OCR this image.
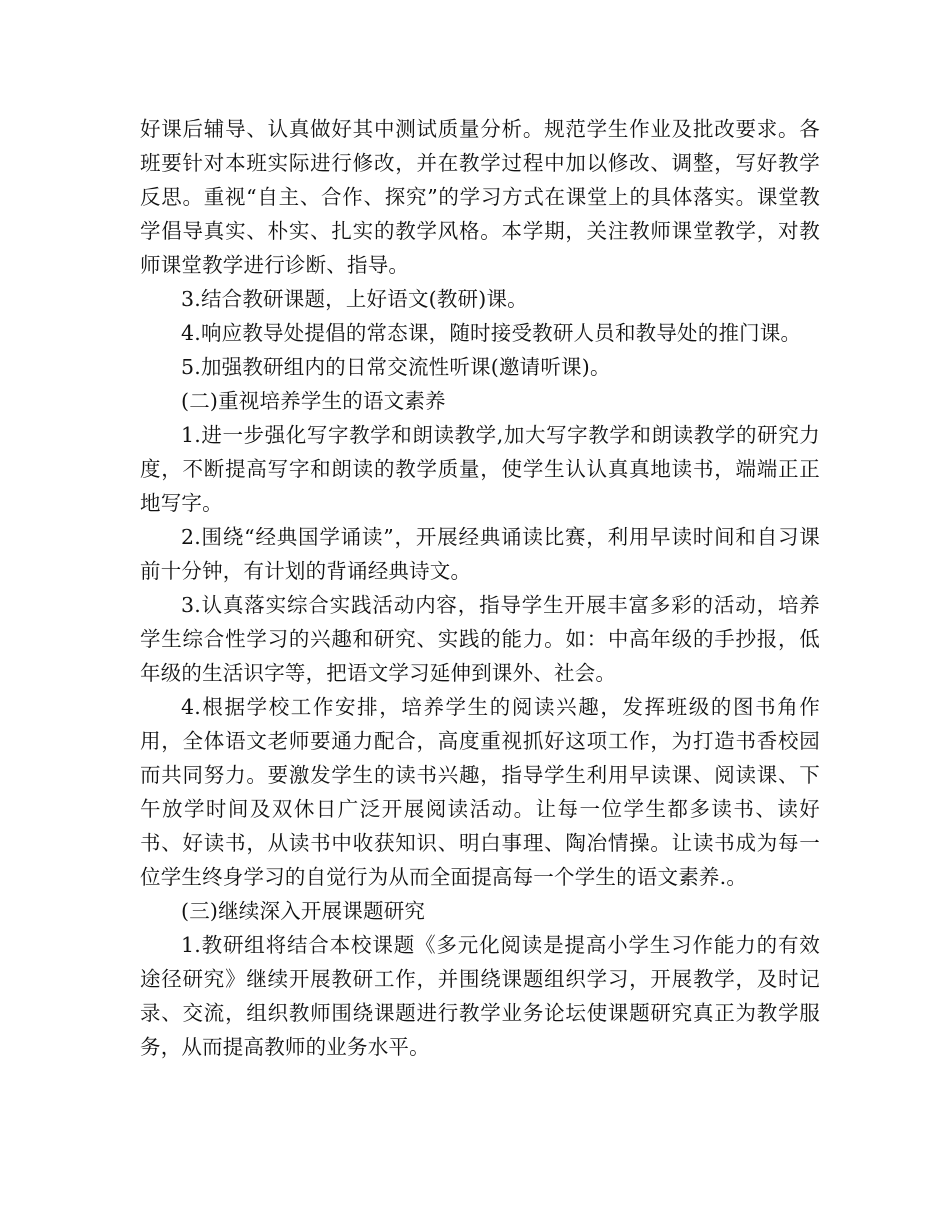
好课后辅导、认真做好其中测试质量分析。规范学生作业及批改要求。各班要针对本班实际进行修改，并在教学过程中加以修改、调整，写好教学反思。重视“自主、合作、探究”的学习方式在课堂上的具体落实。课堂教学倡导真实、朴实、扎实的教学风格。本学期，关注教师课堂教学，对教师课堂教学进行诊断、指导。

3.结合教研课题，上好语文(教研)课。

4.响应教导处提倡的常态课，随时接受教研人员和教导处的推门课。

5.加强教研组内的日常交流性听课(邀请听课)。

(二)重视培养学生的语文素养

1.进一步强化写字教学和朗读教学,加大写字教学和朗读教学的研究力度，不断提高写字和朗读的教学质量，使学生认认真真地读书，端端正正地写字。

2.围绕“经典国学诵读”，开展经典诵读比赛，利用早读时间和自习课前十分钟，有计划的背诵经典诗文。

3.认真落实综合实践活动内容，指导学生开展丰富多彩的活动，培养学生综合性学习的兴趣和研究、实践的能力。如：中高年级的手抄报，低年级的生活识字等，把语文学习延伸到课外、社会。

4.根据学校工作安排，培养学生的阅读兴趣，发挥班级的图书角作用，全体语文老师要通力配合，高度重视抓好这项工作，为打造书香校园而共同努力。要激发学生的读书兴趣，指导学生利用早读课、阅读课、下午放学时间及双休日广泛开展阅读活动。让每一位学生都多读书、读好书、好读书，从读书中收获知识、明白事理、陶冶情操。让读书成为每一位学生终身学习的自觉行为从而全面提高每一个学生的语文素养.。

(三)继续深入开展课题研究

1.教研组将结合本校课题《多元化阅读是提高小学生习作能力的有效途径研究》继续开展教研工作，并围绕课题组织学习，开展教学，及时记录、交流，组织教师围绕课题进行教学业务论坛使课题研究真正为教学服务，从而提高教师的业务水平。
